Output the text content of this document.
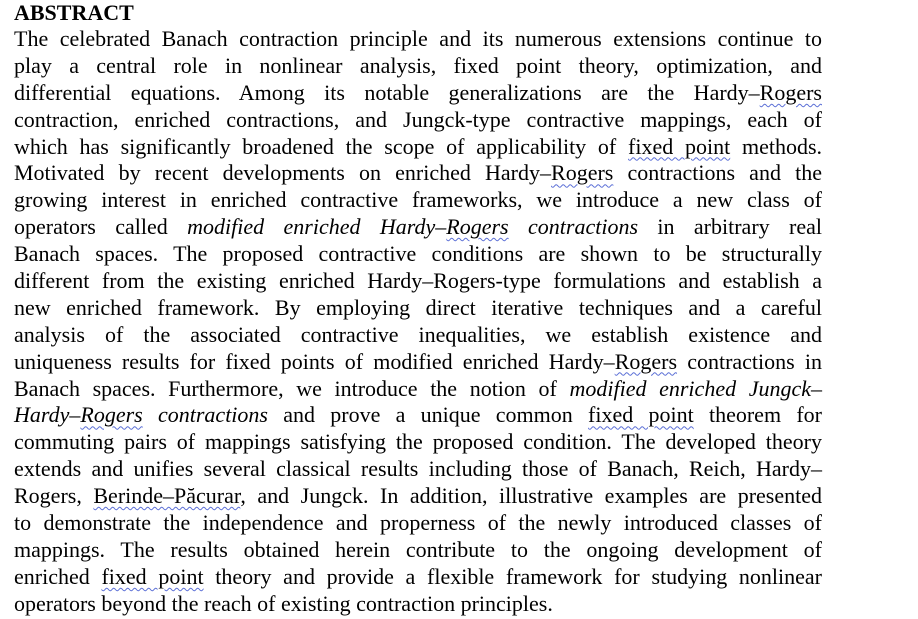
ABSTRACT
The celebrated Banach contraction principle and its numerous extensions continue to
play a central role in nonlinear analysis, fixed point theory, optimization, and
differential equations. Among its notable generalizations are the Hardy–Rogers
contraction, enriched contractions, and Jungck-type contractive mappings, each of
which has significantly broadened the scope of applicability of fixed point methods.
Motivated by recent developments on enriched Hardy–Rogers contractions and the
growing interest in enriched contractive frameworks, we introduce a new class of
operators called modified enriched Hardy–Rogers contractions in arbitrary real
Banach spaces. The proposed contractive conditions are shown to be structurally
different from the existing enriched Hardy–Rogers-type formulations and establish a
new enriched framework. By employing direct iterative techniques and a careful
analysis of the associated contractive inequalities, we establish existence and
uniqueness results for fixed points of modified enriched Hardy–Rogers contractions in
Banach spaces. Furthermore, we introduce the notion of modified enriched Jungck–
Hardy–Rogers contractions and prove a unique common fixed point theorem for
commuting pairs of mappings satisfying the proposed condition. The developed theory
extends and unifies several classical results including those of Banach, Reich, Hardy–
Rogers, Berinde–Păcurar, and Jungck. In addition, illustrative examples are presented
to demonstrate the independence and properness of the newly introduced classes of
mappings. The results obtained herein contribute to the ongoing development of
enriched fixed point theory and provide a flexible framework for studying nonlinear
operators beyond the reach of existing contraction principles.
